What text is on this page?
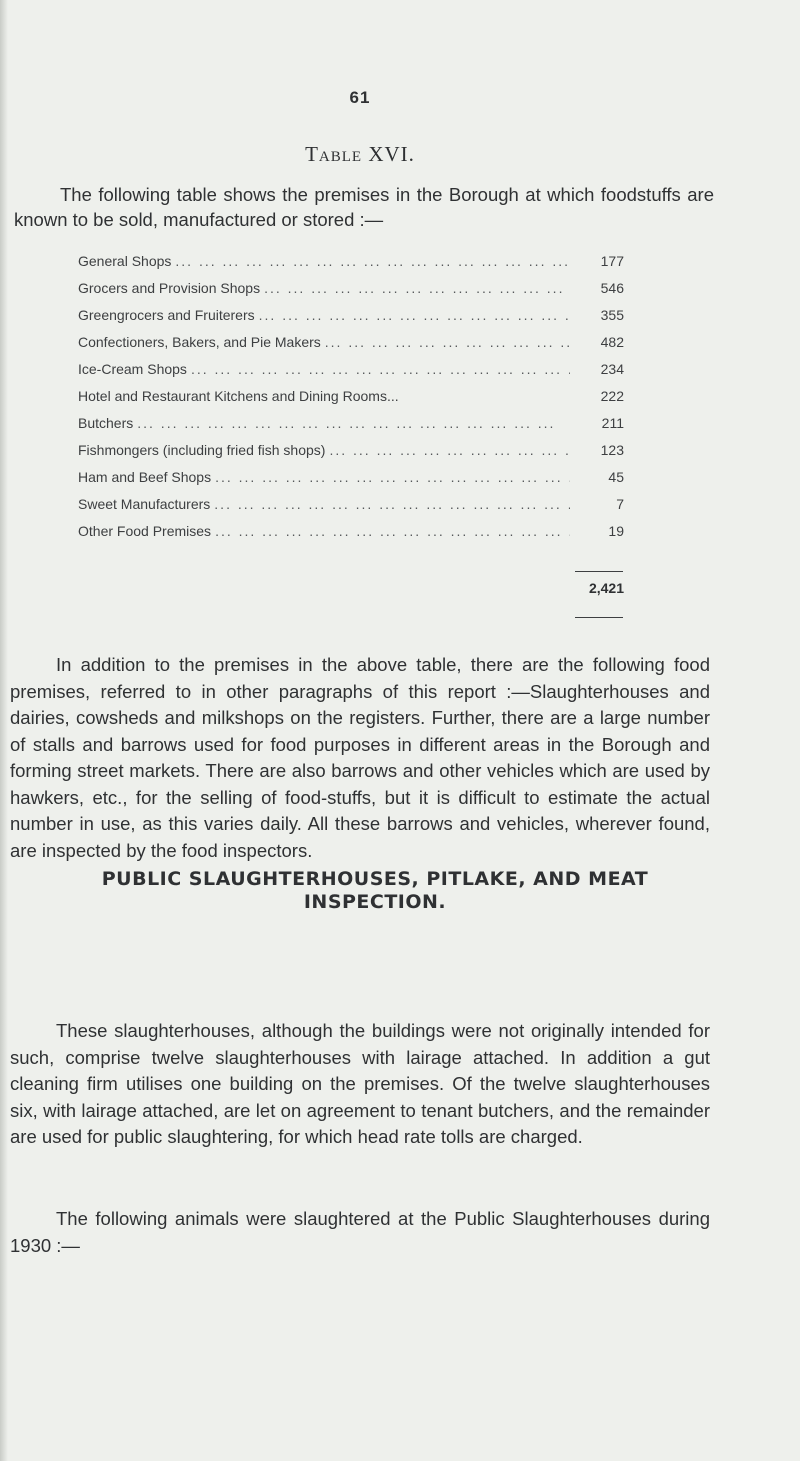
61
Table XVI.

The following table shows the premises in the Borough at which foodstuffs are known to be sold, manufactured or stored :—

General Shops ... .	177
Grocers and Provision Shops ... .	546
Greengrocers and Fruiterers ... .	355
Confectioners, Bakers, and Pie Makers ... .	482
Ice-Cream Shops ... .	234
Hotel and Restaurant Kitchens and Dining Rooms...	222
Butchers ... .	211
Fishmongers (including fried fish shops) ... .	123
Ham and Beef Shops ... .	45
Sweet Manufacturers ... .	7
Other Food Premises ... .	19
2,421

In addition to the premises in the above table, there are the following food premises, referred to in other paragraphs of this report :—Slaughterhouses and dairies, cowsheds and milkshops on the registers. Further, there are a large number of stalls and barrows used for food purposes in different areas in the Borough and forming street markets. There are also barrows and other vehicles which are used by hawkers, etc., for the selling of food-stuffs, but it is difficult to estimate the actual number in use, as this varies daily. All these barrows and vehicles, wherever found, are inspected by the food inspectors.

PUBLIC SLAUGHTERHOUSES, PITLAKE, AND MEAT INSPECTION.

These slaughterhouses, although the buildings were not originally intended for such, comprise twelve slaughterhouses with lairage attached. In addition a gut cleaning firm utilises one building on the premises. Of the twelve slaughterhouses six, with lairage attached, are let on agreement to tenant butchers, and the remainder are used for public slaughtering, for which head rate tolls are charged.

The following animals were slaughtered at the Public Slaughterhouses during 1930 :—
